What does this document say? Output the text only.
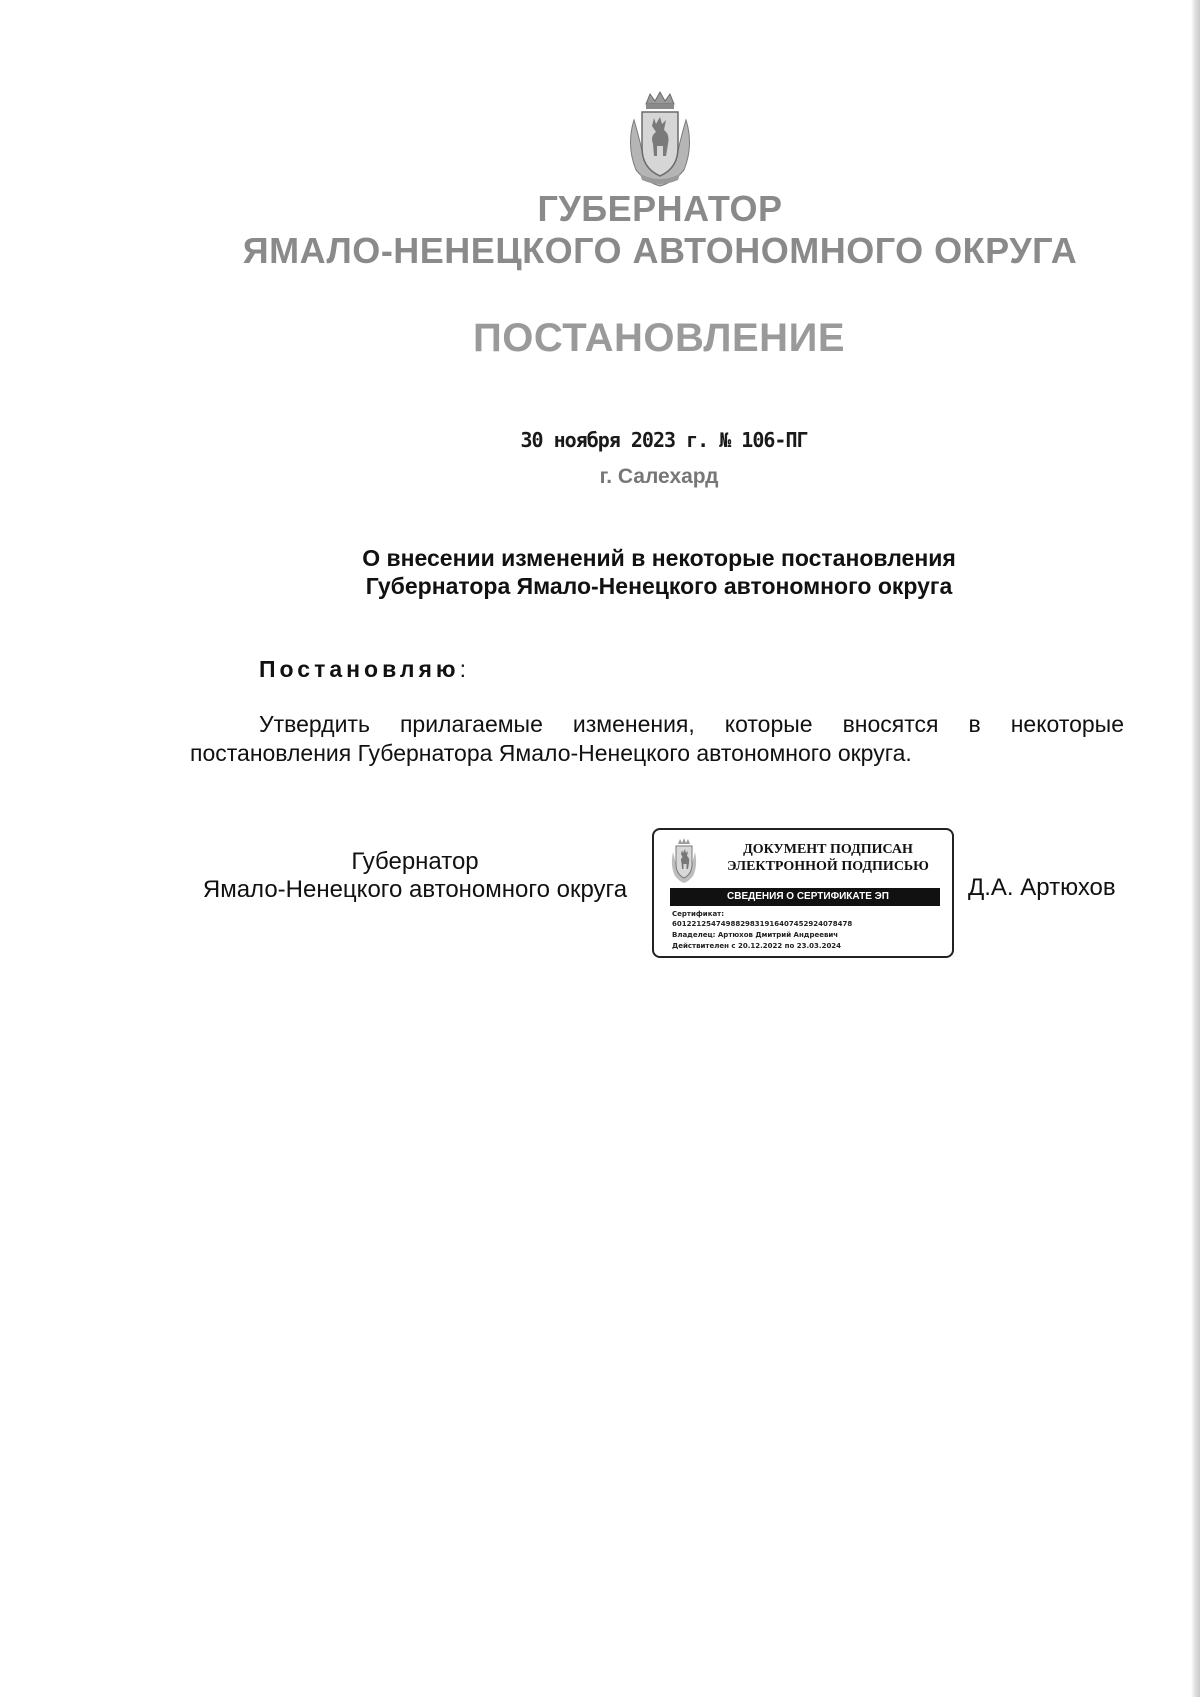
ГУБЕРНАТОР
ЯМАЛО-НЕНЕЦКОГО АВТОНОМНОГО ОКРУГА
ПОСТАНОВЛЕНИЕ
30 ноября 2023 г. № 106-ПГ
г. Салехард
О внесении изменений в некоторые постановления
Губернатора Ямало-Ненецкого автономного округа
Постановляю:
Утвердить прилагаемые изменения, которые вносятся в некоторые постановления Губернатора Ямало-Ненецкого автономного округа.
Губернатор
Ямало-Ненецкого автономного округа
ДОКУМЕНТ ПОДПИСАН
ЭЛЕКТРОННОЙ ПОДПИСЬЮ
СВЕДЕНИЯ О СЕРТИФИКАТЕ ЭП
Сертификат:
6012212547498829831916407452924078478
Владелец: Артюхов Дмитрий Андреевич
Действителен с 20.12.2022 по 23.03.2024
Д.А. Артюхов
